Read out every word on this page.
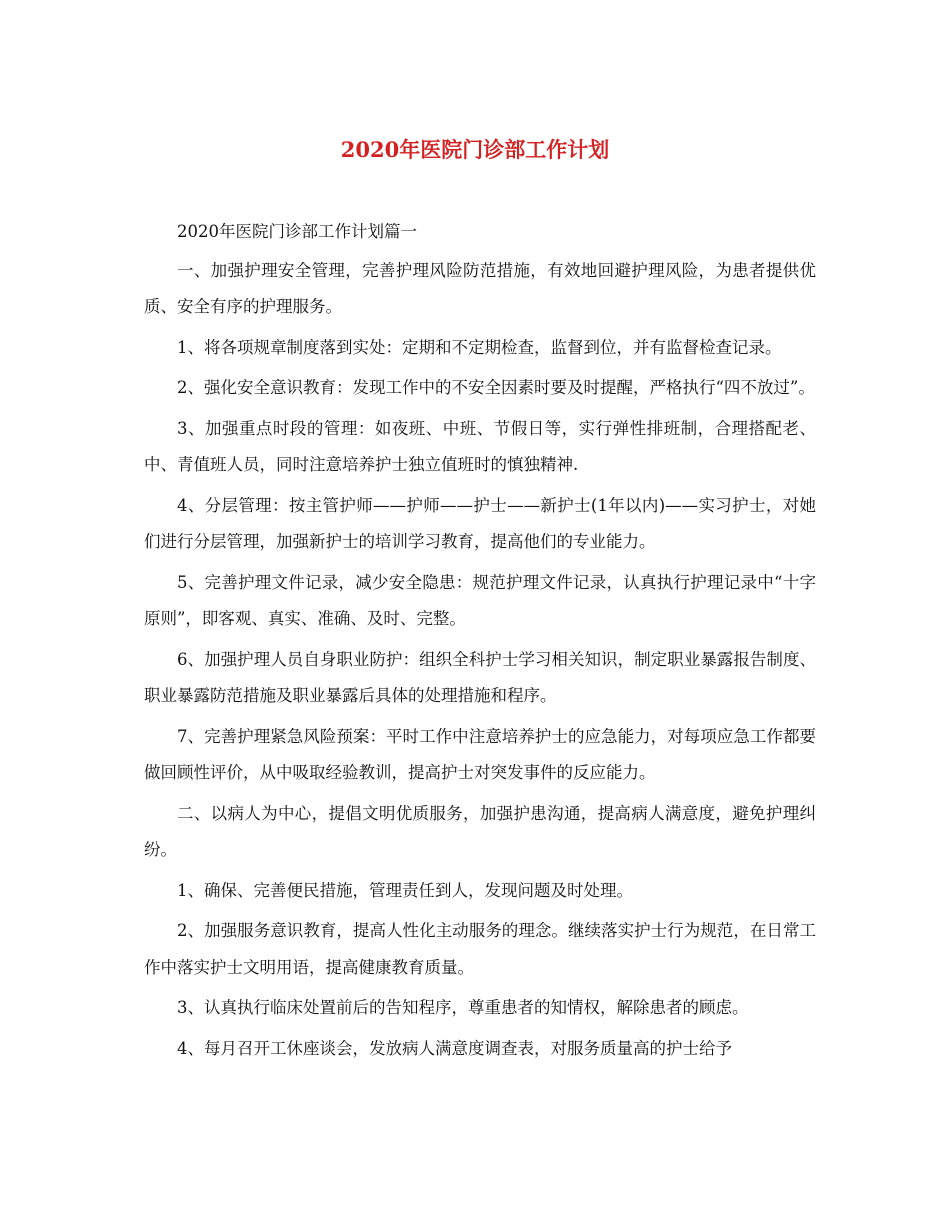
2020年医院门诊部工作计划

2020年医院门诊部工作计划篇一

一、加强护理安全管理，完善护理风险防范措施，有效地回避护理风险，为患者提供优质、安全有序的护理服务。

1、将各项规章制度落到实处：定期和不定期检查，监督到位，并有监督检查记录。

2、强化安全意识教育：发现工作中的不安全因素时要及时提醒，严格执行“四不放过”。

3、加强重点时段的管理：如夜班、中班、节假日等，实行弹性排班制，合理搭配老、中、青值班人员，同时注意培养护士独立值班时的慎独精神.

4、分层管理：按主管护师——护师——护士——新护士(1年以内)——实习护士，对她们进行分层管理，加强新护士的培训学习教育，提高他们的专业能力。

5、完善护理文件记录，减少安全隐患：规范护理文件记录，认真执行护理记录中“十字原则”，即客观、真实、准确、及时、完整。

6、加强护理人员自身职业防护：组织全科护士学习相关知识，制定职业暴露报告制度、职业暴露防范措施及职业暴露后具体的处理措施和程序。

7、完善护理紧急风险预案：平时工作中注意培养护士的应急能力，对每项应急工作都要做回顾性评价，从中吸取经验教训，提高护士对突发事件的反应能力。

二、以病人为中心，提倡文明优质服务，加强护患沟通，提高病人满意度，避免护理纠纷。

1、确保、完善便民措施，管理责任到人，发现问题及时处理。

2、加强服务意识教育，提高人性化主动服务的理念。继续落实护士行为规范，在日常工作中落实护士文明用语，提高健康教育质量。

3、认真执行临床处置前后的告知程序，尊重患者的知情权，解除患者的顾虑。

4、每月召开工休座谈会，发放病人满意度调查表，对服务质量高的护士给予
